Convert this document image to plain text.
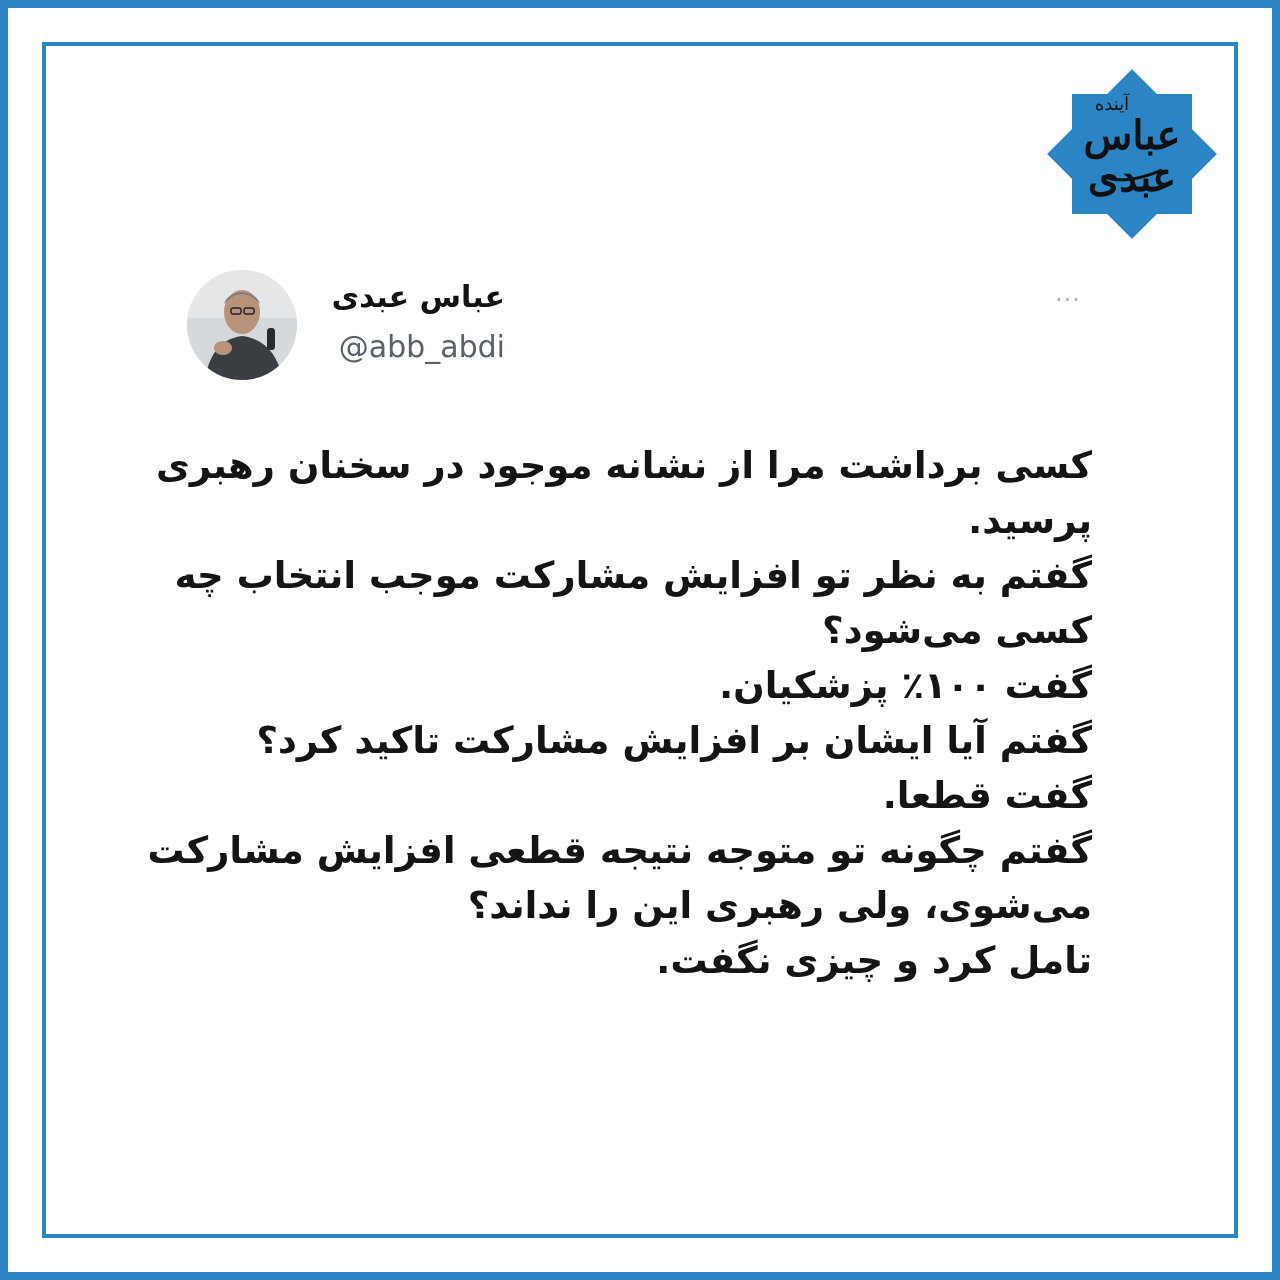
آینده
عباس
عبدی
عباس عبدی
@abb_abdi
···
کسی برداشت مرا از نشانه موجود در سخنان رهبری
پرسید.
گفتم به نظر تو افزایش مشارکت موجب انتخاب چه
کسی می‌شود؟
گفت ۱۰۰٪ پزشکیان.
گفتم آیا ایشان بر افزایش مشارکت تاکید کرد؟
گفت قطعا.
گفتم چگونه تو متوجه نتیجه قطعی افزایش مشارکت
می‌شوی، ولی رهبری این را نداند؟
تامل کرد و چیزی نگفت.
